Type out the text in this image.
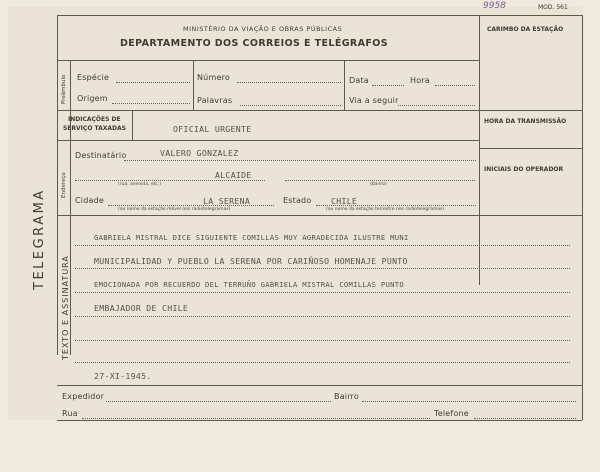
9958	MOD. 561
MINISTÉRIO DA VIAÇÃO E OBRAS PÚBLICAS
DEPARTAMENTO DOS CORREIOS E TELÉGRAFOS
CARIMBO DA ESTAÇÃO
TELEGRAMA
Preâmbulo Espécie	Número	Data	Hora
Origem	Palavras	Via a seguir
HORA DA TRANSMISSÃO
INICIAIS DO OPERADOR
INDICAÇÕES DE
SERVIÇO TAXADAS	OFICIAL URGENTE
Endereço
Destinatário	VALERO GONZALEZ
ALCAIDE
(rua, avenida, etc.)	(bairro)
Cidade	LA SERENA	Estado CHILE
(ou nome da estação móvel nos radiotelegramas)	(ou nome da estação terrestre nos radiotelegramas)
TEXTO E ASSINATURA
GABRIELA MISTRAL DICE SIGUIENTE COMILLAS MUY AGRADECIDA ILUSTRE MUNI
MUNICIPALIDAD Y PUEBLO LA SERENA POR CARIÑOSO HOMENAJE PUNTO
EMOCIONADA POR RECUERDO DEL TERRUÑO GABRIELA MISTRAL COMILLAS PUNTO
EMBAJADOR DE CHILE
27-XI-1945.
Expedidor	Bairro
Rua	Telefone
